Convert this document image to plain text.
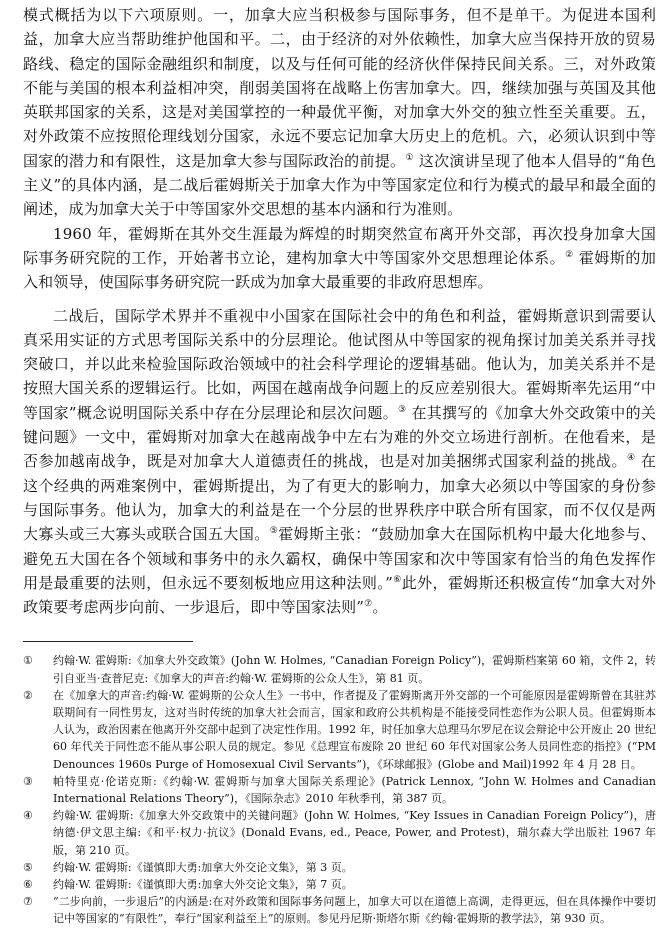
模式概括为以下六项原则。一，加拿大应当积极参与国际事务，但不是单干。为促进本国利益，加拿大应当帮助维护他国和平。二，由于经济的对外依赖性，加拿大应当保持开放的贸易路线、稳定的国际金融组织和制度，以及与任何可能的经济伙伴保持民间关系。三，对外政策不能与美国的根本利益相冲突，削弱美国将在战略上伤害加拿大。四，继续加强与英国及其他英联邦国家的关系，这是对美国掌控的一种最优平衡，对加拿大外交的独立性至关重要。五，对外政策不应按照伦理线划分国家，永远不要忘记加拿大历史上的危机。六，必须认识到中等国家的潜力和有限性，这是加拿大参与国际政治的前提。① 这次演讲呈现了他本人倡导的“角色主义”的具体内涵，是二战后霍姆斯关于加拿大作为中等国家定位和行为模式的最早和最全面的阐述，成为加拿大关于中等国家外交思想的基本内涵和行为准则。

1960 年，霍姆斯在其外交生涯最为辉煌的时期突然宣布离开外交部，再次投身加拿大国际事务研究院的工作，开始著书立论，建构加拿大中等国家外交思想理论体系。② 霍姆斯的加入和领导，使国际事务研究院一跃成为加拿大最重要的非政府思想库。

二战后，国际学术界并不重视中小国家在国际社会中的角色和利益，霍姆斯意识到需要认真采用实证的方式思考国际关系中的分层理论。他试图从中等国家的视角探讨加美关系并寻找突破口，并以此来检验国际政治领域中的社会科学理论的逻辑基础。他认为，加美关系并不是按照大国关系的逻辑运行。比如，两国在越南战争问题上的反应差别很大。霍姆斯率先运用“中等国家”概念说明国际关系中存在分层理论和层次问题。③ 在其撰写的《加拿大外交政策中的关键问题》一文中，霍姆斯对加拿大在越南战争中左右为难的外交立场进行剖析。在他看来，是否参加越南战争，既是对加拿大人道德责任的挑战，也是对加美捆绑式国家利益的挑战。④ 在这个经典的两难案例中，霍姆斯提出，为了有更大的影响力，加拿大必须以中等国家的身份参与国际事务。他认为，加拿大的利益是在一个分层的世界秩序中联合所有国家，而不仅仅是两大寡头或三大寡头或联合国五大国。⑤霍姆斯主张：“鼓励加拿大在国际机构中最大化地参与、避免五大国在各个领域和事务中的永久霸权，确保中等国家和次中等国家有恰当的角色发挥作用是最重要的法则，但永远不要刻板地应用这种法则。”⑥此外，霍姆斯还积极宣传“加拿大对外政策要考虑两步向前、一步退后，即中等国家法则”⑦。

①	约翰·W. 霍姆斯:《加拿大外交政策》(John W. Holmes, “Canadian Foreign Policy”)，霍姆斯档案第 60 箱，文件 2，转引自亚当·查普尼克:《加拿大的声音:约翰·W. 霍姆斯的公众人生》，第 81 页。
②	在《加拿大的声音:约翰·W. 霍姆斯的公众人生》一书中，作者提及了霍姆斯离开外交部的一个可能原因是霍姆斯曾在其驻苏联期间有一同性男友，这对当时传统的加拿大社会而言，国家和政府公共机构是不能接受同性恋作为公职人员。但霍姆斯本人认为，政治因素在他离开外交部中起到了决定性作用。1992 年，时任加拿大总理马尔罗尼在议会辩论中公开废止 20 世纪 60 年代关于同性恋不能从事公职人员的规定。参见《总理宣布废除 20 世纪 60 年代对国家公务人员同性恋的指控》(“PM Denounces 1960s Purge of Homosexual Civil Servants”)，《环球邮报》(Globe and Mail)1992 年 4 月 28 日。
③	帕特里克·伦诺克斯:《约翰·W. 霍姆斯与加拿大国际关系理论》(Patrick Lennox, “John W. Holmes and Canadian International Relations Theory”)，《国际杂志》2010 年秋季刊，第 387 页。
④	约翰·W. 霍姆斯:《加拿大外交政策中的关键问题》(John W. Holmes, “Key Issues in Canadian Foreign Policy”)，唐纳德·伊文思主编:《和平·权力·抗议》(Donald Evans, ed., Peace, Power, and Protest)，瑞尔森大学出版社 1967 年版，第 210 页。
⑤	约翰·W. 霍姆斯:《谨慎即大勇:加拿大外交论文集》，第 3 页。
⑥	约翰·W. 霍姆斯:《谨慎即大勇:加拿大外交论文集》，第 7 页。
⑦	“二步向前，一步退后”的内涵是:在对外政策和国际事务问题上，加拿大可以在道德上高调，走得更远，但在具体操作中要切记中等国家的“有限性”，奉行“国家利益至上”的原则。参见丹尼斯·斯塔尔斯《约翰·霍姆斯的教学法》，第 930 页。
